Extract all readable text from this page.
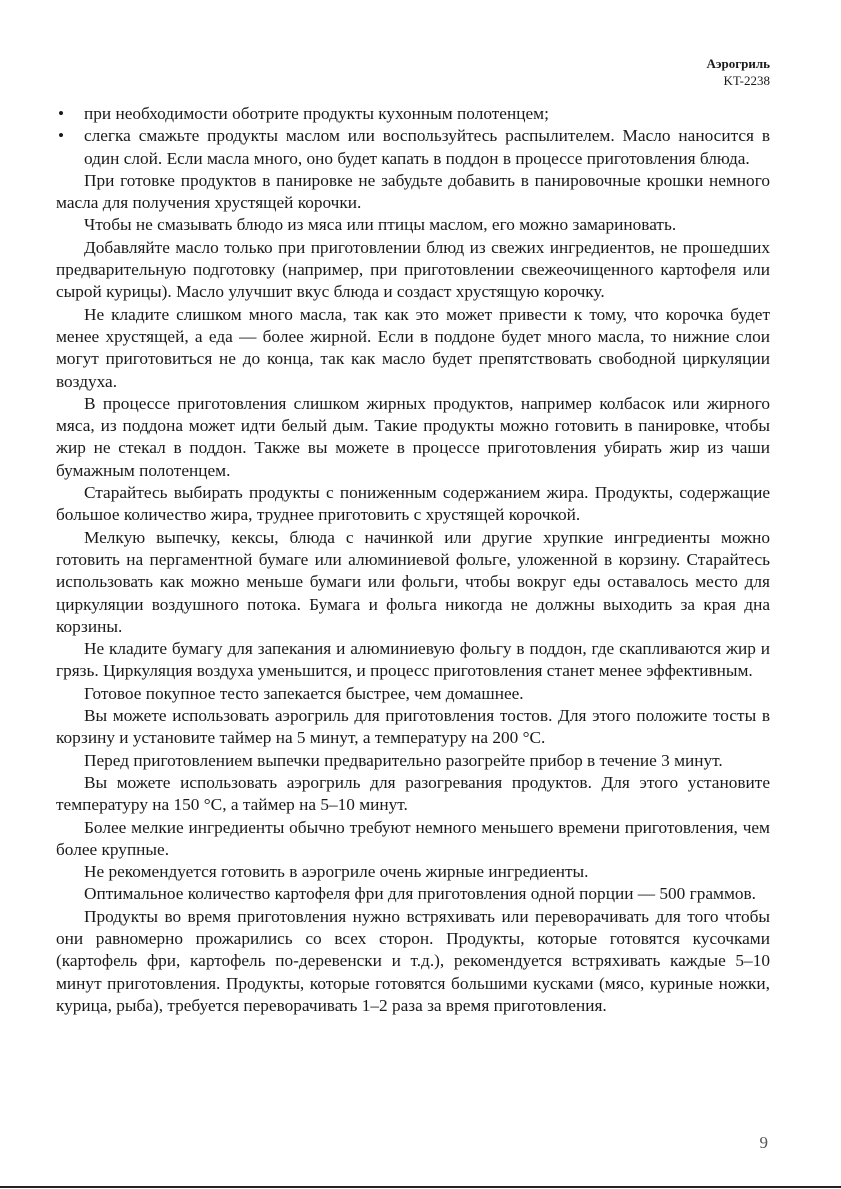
Аэрогриль
KT-2238
• при необходимости оботрите продукты кухонным полотенцем;
• слегка смажьте продукты маслом или воспользуйтесь распылителем. Масло наносится в один слой. Если масла много, оно будет капать в поддон в процессе приготовления блюда.

При готовке продуктов в панировке не забудьте добавить в панировочные крошки немного масла для получения хрустящей корочки.

Чтобы не смазывать блюдо из мяса или птицы маслом, его можно замариновать.

Добавляйте масло только при приготовлении блюд из свежих ингредиентов, не прошедших предварительную подготовку (например, при приготовлении свежеочищенного картофеля или сырой курицы). Масло улучшит вкус блюда и создаст хрустящую корочку.

Не кладите слишком много масла, так как это может привести к тому, что корочка будет менее хрустящей, а еда — более жирной. Если в поддоне будет много масла, то нижние слои могут приготовиться не до конца, так как масло будет препятствовать свободной циркуляции воздуха.

В процессе приготовления слишком жирных продуктов, например колбасок или жирного мяса, из поддона может идти белый дым. Такие продукты можно готовить в панировке, чтобы жир не стекал в поддон. Также вы можете в процессе приготовления убирать жир из чаши бумажным полотенцем.

Старайтесь выбирать продукты с пониженным содержанием жира. Продукты, содержащие большое количество жира, труднее приготовить с хрустящей корочкой.

Мелкую выпечку, кексы, блюда с начинкой или другие хрупкие ингредиенты можно готовить на пергаментной бумаге или алюминиевой фольге, уложенной в корзину. Старайтесь использовать как можно меньше бумаги или фольги, чтобы вокруг еды оставалось место для циркуляции воздушного потока. Бумага и фольга никогда не должны выходить за края дна корзины.

Не кладите бумагу для запекания и алюминиевую фольгу в поддон, где скапливаются жир и грязь. Циркуляция воздуха уменьшится, и процесс приготовления станет менее эффективным.

Готовое покупное тесто запекается быстрее, чем домашнее.

Вы можете использовать аэрогриль для приготовления тостов. Для этого положите тосты в корзину и установите таймер на 5 минут, а температуру на 200 °С.

Перед приготовлением выпечки предварительно разогрейте прибор в течение 3 минут.

Вы можете использовать аэрогриль для разогревания продуктов. Для этого установите температуру на 150 °С, а таймер на 5–10 минут.

Более мелкие ингредиенты обычно требуют немного меньшего времени приготовления, чем более крупные.

Не рекомендуется готовить в аэрогриле очень жирные ингредиенты.

Оптимальное количество картофеля фри для приготовления одной порции — 500 граммов.

Продукты во время приготовления нужно встряхивать или переворачивать для того чтобы они равномерно прожарились со всех сторон. Продукты, которые готовятся кусочками (картофель фри, картофель по-деревенски и т.д.), рекомендуется встряхивать каждые 5–10 минут приготовления. Продукты, которые готовятся большими кусками (мясо, куриные ножки, курица, рыба), требуется переворачивать 1–2 раза за время приготовления.

9
